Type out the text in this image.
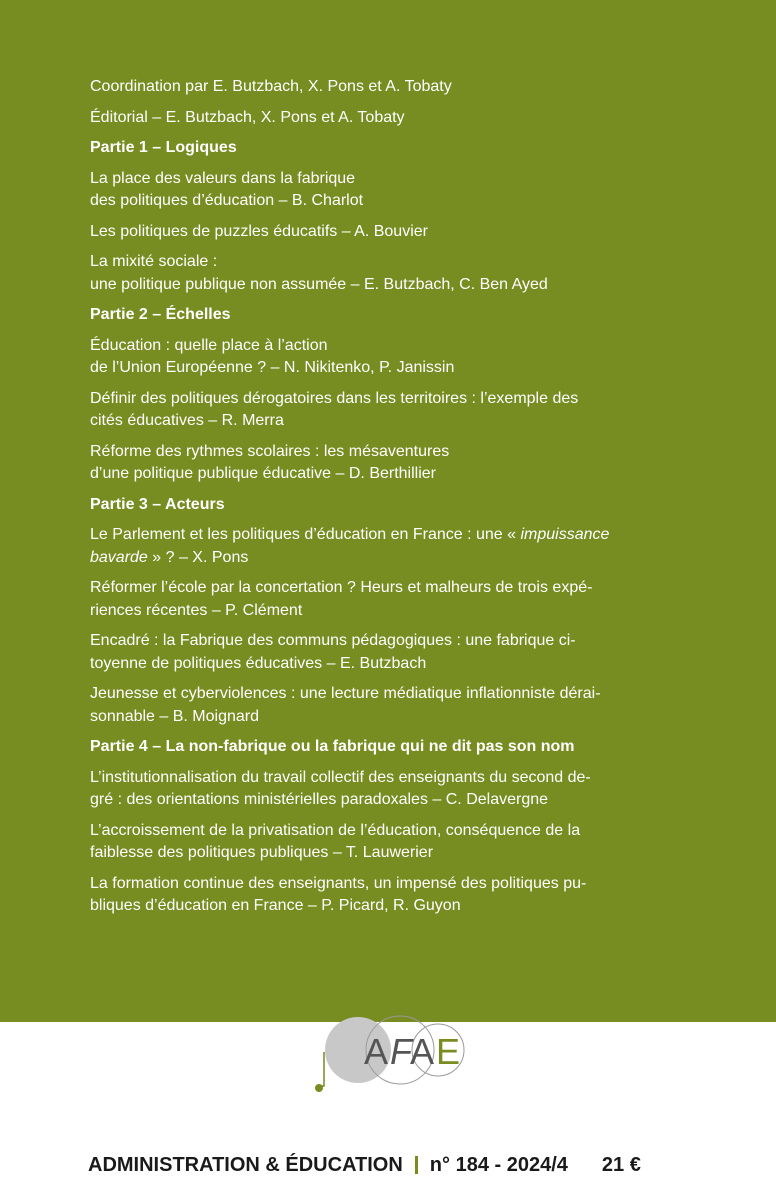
Coordination par E. Butzbach, X. Pons et A. Tobaty
Éditorial – E. Butzbach, X. Pons et A. Tobaty
Partie 1 – Logiques
La place des valeurs dans la fabrique
des politiques d’éducation – B. Charlot
Les politiques de puzzles éducatifs – A. Bouvier
La mixité sociale :
une politique publique non assumée – E. Butzbach, C. Ben Ayed
Partie 2 – Échelles
Éducation : quelle place à l’action
de l’Union Européenne ? – N. Nikitenko, P. Janissin
Définir des politiques dérogatoires dans les territoires : l’exemple des
cités éducatives – R. Merra
Réforme des rythmes scolaires : les mésaventures
d’une politique publique éducative – D. Berthillier
Partie 3 – Acteurs
Le Parlement et les politiques d’éducation en France : une « impuissance
bavarde » ? – X. Pons
Réformer l’école par la concertation ? Heurs et malheurs de trois expé-
riences récentes – P. Clément
Encadré : la Fabrique des communs pédagogiques : une fabrique ci-
toyenne de politiques éducatives – E. Butzbach
Jeunesse et cyberviolences : une lecture médiatique inflationniste dérai-
sonnable – B. Moignard
Partie 4 – La non-fabrique ou la fabrique qui ne dit pas son nom
L’institutionnalisation du travail collectif des enseignants du second de-
gré : des orientations ministérielles paradoxales – C. Delavergne
L’accroissement de la privatisation de l’éducation, conséquence de la
faiblesse des politiques publiques – T. Lauwerier
La formation continue des enseignants, un impensé des politiques pu-
bliques d’éducation en France – P. Picard, R. Guyon
A F
A E
ADMINISTRATION & ÉDUCATION n° 184 - 2024/4 21 €
